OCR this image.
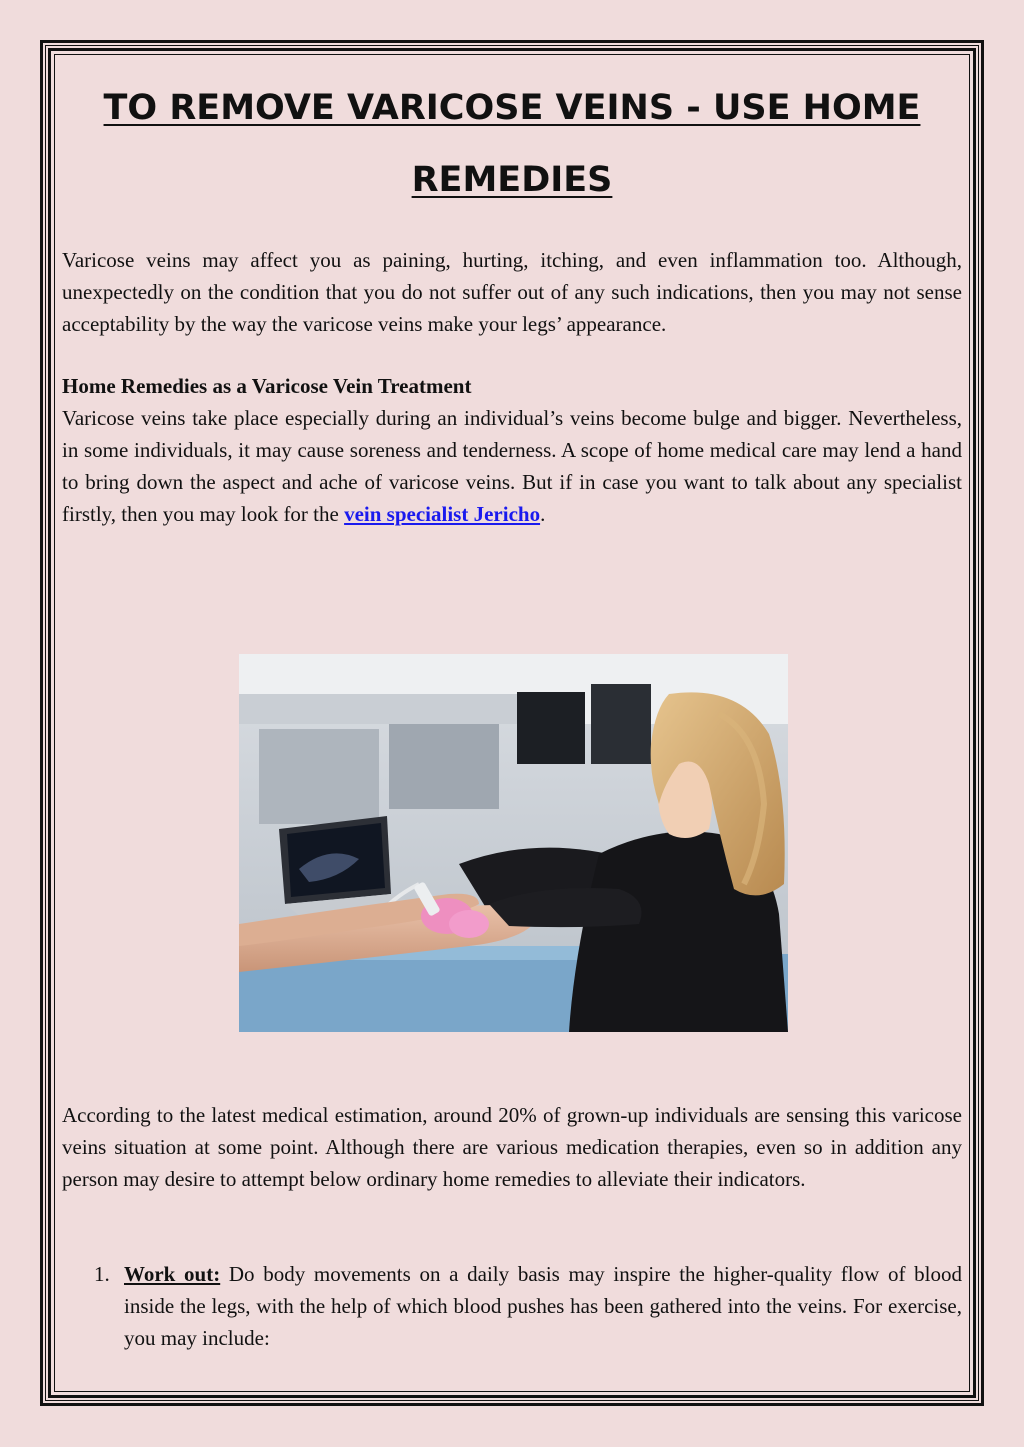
TO REMOVE VARICOSE VEINS - USE HOME
REMEDIES

Varicose veins may affect you as paining, hurting, itching, and even inflammation too. Although, unexpectedly on the condition that you do not suffer out of any such indications, then you may not sense acceptability by the way the varicose veins make your legs’ appearance.

Home Remedies as a Varicose Vein Treatment

Varicose veins take place especially during an individual’s veins become bulge and bigger. Nevertheless, in some individuals, it may cause soreness and tenderness. A scope of home medical care may lend a hand to bring down the aspect and ache of varicose veins. But if in case you want to talk about any specialist firstly, then you may look for the vein specialist Jericho.

According to the latest medical estimation, around 20% of grown-up individuals are sensing this varicose veins situation at some point. Although there are various medication therapies, even so in addition any person may desire to attempt below ordinary home remedies to alleviate their indicators.

1. Work out: Do body movements on a daily basis may inspire the higher-quality flow of blood inside the legs, with the help of which blood pushes has been gathered into the veins. For exercise, you may include:
